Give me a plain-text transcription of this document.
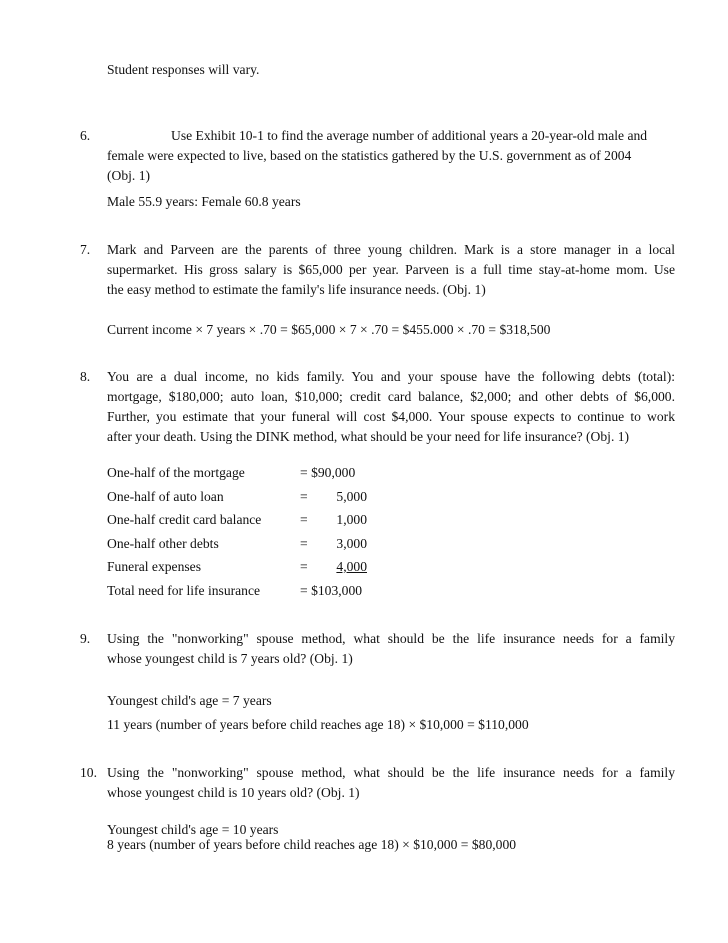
Student responses will vary.
6.	Use Exhibit 10-1 to find the average number of additional years a 20-year-old male and
female were expected to live, based on the statistics gathered by the U.S. government as of 2004
(Obj. 1)
Male 55.9 years: Female 60.8 years
7. Mark and Parveen are the parents of three young children. Mark is a store manager in a local
supermarket. His gross salary is $65,000 per year. Parveen is a full time stay-at-home mom. Use
the easy method to estimate the family's life insurance needs. (Obj. 1)
Current income × 7 years × .70 = $65,000 × 7 × .70 = $455.000 × .70 = $318,500
8. You are a dual income, no kids family. You and your spouse have the following debts (total):
mortgage, $180,000; auto loan, $10,000; credit card balance, $2,000; and other debts of $6,000.
Further, you estimate that your funeral will cost $4,000. Your spouse expects to continue to work
after your death. Using the DINK method, what should be your need for life insurance? (Obj. 1)
One-half of the mortgage	= $90,000
One-half of auto loan	=	5,000
One-half credit card balance	=	1,000
One-half other debts	=	3,000
Funeral expenses	=	4,000
Total need for life insurance	= $103,000
9. Using the "nonworking" spouse method, what should be the life insurance needs for a family
whose youngest child is 7 years old? (Obj. 1)
Youngest child's age = 7 years
11 years (number of years before child reaches age 18) × $10,000 = $110,000
10. Using the "nonworking" spouse method, what should be the life insurance needs for a family
whose youngest child is 10 years old? (Obj. 1)
Youngest child's age = 10 years
8 years (number of years before child reaches age 18) × $10,000 = $80,000
